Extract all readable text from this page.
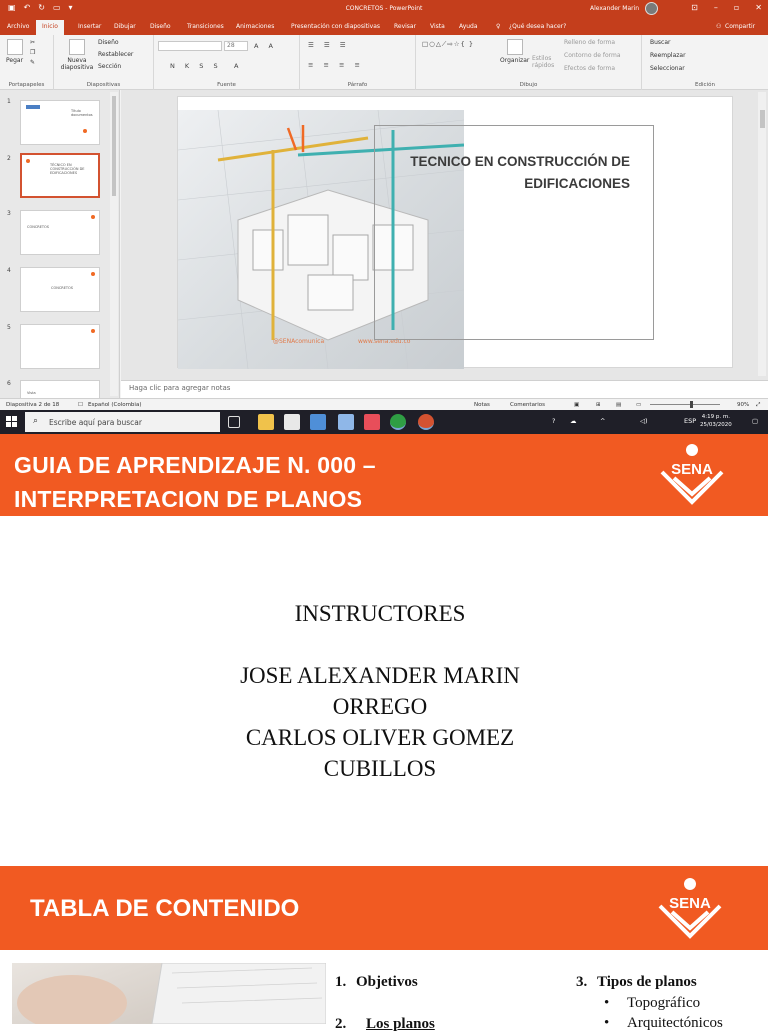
▣ ↶ ↻ ▭ ▾	CONCRETOS - PowerPoint	Alexander Marin	⊡ – ▫ ✕
Archivo	Inicio	Insertar Dibujar Diseño	Transiciones Animaciones	Presentación con diapositivas Revisar Vista Ayuda	♀ ¿Qué desea hacer?	⚇ Compartir
Pegar
✂
❐
✎
Portapapeles
Nueva diapositiva
Diseño
Restablecer
Sección
Diapositivas
28	A A
N K S S A
Fuente
☰ ☰ ☰
≡ ≡ ≡ ≡
Párrafo
□○△⟋⇨☆{ }
Organizar Estilos rápidos
Relleno de forma
Contorno de forma
Efectos de forma
Dibujo
Buscar
Reemplazar
Seleccionar
Edición
1
Título documentos
2
TÉCNICO EN CONSTRUCCIÓN DE EDIFICACIONES
3
CONCRETOS
4
CONCRETOS
5
6
Vista
@SENAcomunica	www.sena.edu.co
TECNICO EN CONSTRUCCIÓN DE EDIFICACIONES
Haga clic para agregar notas
Diapositiva 2 de 18	☐ Español (Colombia)	Notas	Comentarios	▣	⊞	▤	▭	90% ⤢
⌕ Escribe aquí para buscar	? ☁	^	◁)	ESP	4:19 p. m.
25/03/2020	▢
GUIA DE APRENDIZAJE N. 000 –
INTERPRETACION DE PLANOS
SENA
INSTRUCTORES
JOSE ALEXANDER MARIN
ORREGO
CARLOS OLIVER GOMEZ
CUBILLOS
TABLA DE CONTENIDO	SENA
1. Objetivos
2. Los planos
3. Tipos de planos
• Topográfico
• Arquitectónicos
